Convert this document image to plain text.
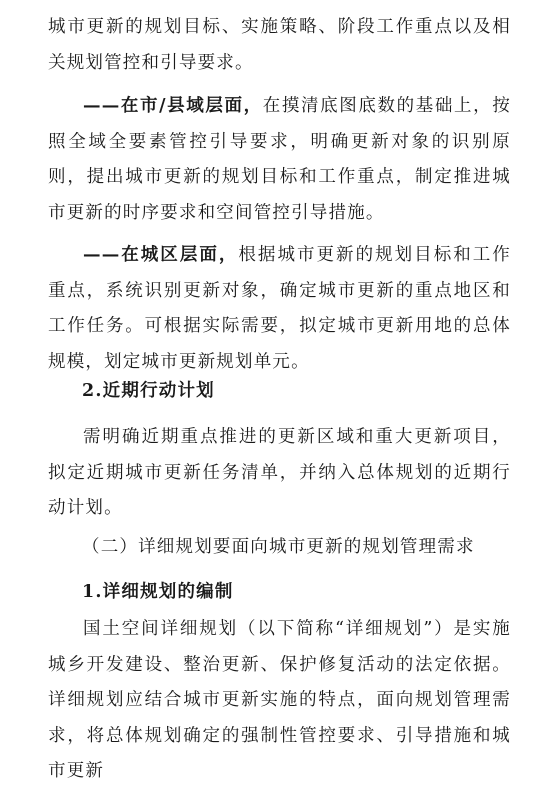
城市更新的规划目标、实施策略、阶段工作重点以及相关规划管控和引导要求。

——在市/县域层面，在摸清底图底数的基础上，按照全域全要素管控引导要求，明确更新对象的识别原则，提出城市更新的规划目标和工作重点，制定推进城市更新的时序要求和空间管控引导措施。

——在城区层面，根据城市更新的规划目标和工作重点，系统识别更新对象，确定城市更新的重点地区和工作任务。可根据实际需要，拟定城市更新用地的总体规模，划定城市更新规划单元。

2.近期行动计划

需明确近期重点推进的更新区域和重大更新项目，拟定近期城市更新任务清单，并纳入总体规划的近期行动计划。

（二）详细规划要面向城市更新的规划管理需求

1.详细规划的编制

国土空间详细规划（以下简称“详细规划”）是实施城乡开发建设、整治更新、保护修复活动的法定依据。详细规划应结合城市更新实施的特点，面向规划管理需求，将总体规划确定的强制性管控要求、引导措施和城市更新
